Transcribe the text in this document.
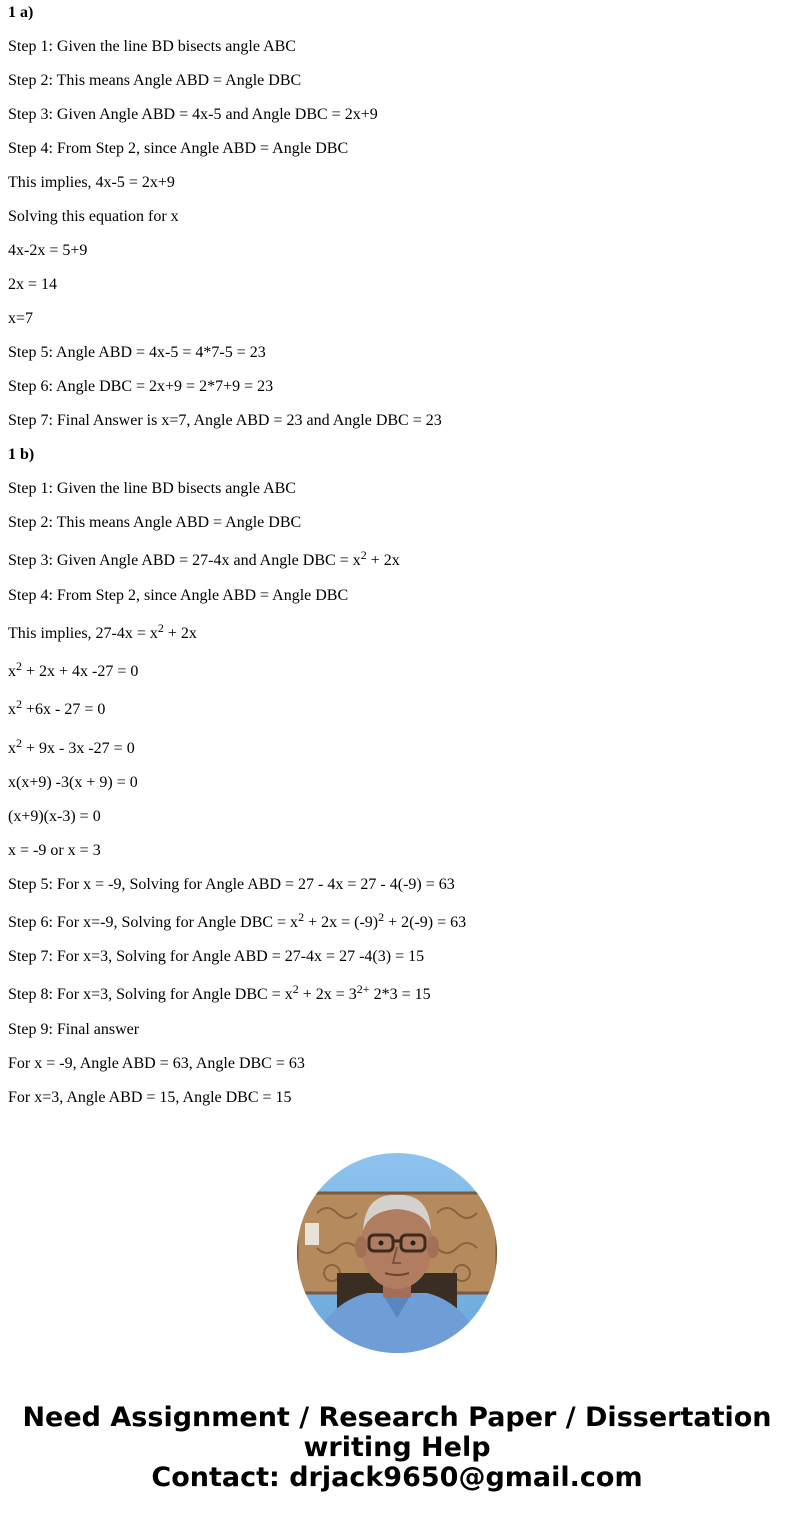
1 a)

Step 1: Given the line BD bisects angle ABC

Step 2: This means Angle ABD = Angle DBC

Step 3: Given Angle ABD = 4x-5 and Angle DBC = 2x+9

Step 4: From Step 2, since Angle ABD = Angle DBC

This implies, 4x-5 = 2x+9

Solving this equation for x

4x-2x = 5+9

2x = 14

x=7

Step 5: Angle ABD = 4x-5 = 4*7-5 = 23

Step 6: Angle DBC = 2x+9 = 2*7+9 = 23

Step 7: Final Answer is x=7, Angle ABD = 23 and Angle DBC = 23

1 b)

Step 1: Given the line BD bisects angle ABC

Step 2: This means Angle ABD = Angle DBC

Step 3: Given Angle ABD = 27-4x and Angle DBC = $x^2 + 2x$

Step 4: From Step 2, since Angle ABD = Angle DBC

This implies, $27-4x = x^2 + 2x$

$x^2 + 2x + 4x$ -27 = 0

$x^2 +6x - 27 = 0$

$x^2 + 9x - 3x$ -27 = 0

x(x+9) -3(x + 9) = 0

(x+9)(x-3) = 0

x = -9 or x = 3

Step 5: For x = -9, Solving for Angle ABD = 27 - 4x = 27 - 4(-9) = 63

Step 6: For x=-9, Solving for Angle DBC = $x^2 + 2x = (-9)^2 + 2(-9) = 63$

Step 7: For x=3, Solving for Angle ABD = 27-4x = 27 -4(3) = 15

Step 8: For x=3, Solving for Angle DBC = $x^2 + 2x = 3^{2+}$ 2*3 = 15

Step 9: Final answer

For x = -9, Angle ABD = 63, Angle DBC = 63

For x=3, Angle ABD = 15, Angle DBC = 15

Need Assignment / Research Paper / Dissertation
writing Help
Contact: drjack9650@gmail.com
